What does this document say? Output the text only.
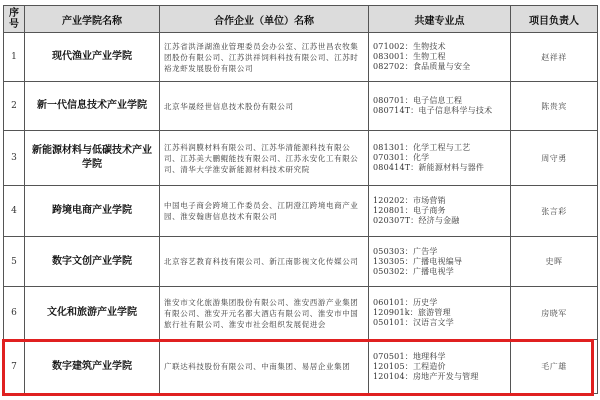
序号	产业学院名称	合作企业（单位）名称	共建专业点	项目负责人
1	现代渔业产业学院	江苏省洪泽湖渔业管理委员会办公室、江苏世昌农牧集团股份有限公司、江苏洪祥饲料科技有限公司、江苏时裕龙虾发展股份有限公司	071002：生物技术
083001：生物工程
082702：食品质量与安全	赵祥祥
2	新一代信息技术产业学院	北京华晟经世信息技术股份有限公司	080701：电子信息工程
080714T：电子信息科学与技术	陈贵宾
3	新能源材料与低碳技术产业学院	江苏科润膜材料有限公司、江苏华清能源科技有限公司、江苏美大鹏鲲能技有限公司、江苏永安化工有限公司、清华大学淮安新能源材料技术研究院	081301：化学工程与工艺
070301：化学
080414T：新能源材料与器件	周守勇
4	跨境电商产业学院	中国电子商会跨境工作委员会、江阴澄江跨境电商产业园、淮安翰唐信息技术有限公司	120202：市场营销
120801：电子商务
020307T：经济与金融	张言彩
5	数字文创产业学院	北京容艺教育科技有限公司、新江南影视文化传媒公司	050303：广告学
130305：广播电视编导
050302：广播电视学	史晖
6	文化和旅游产业学院	淮安市文化旅游集团股份有限公司、淮安西游产业集团有限公司、淮安开元名都大酒店有限公司、淮安市中国旅行社有限公司、淮安市社会组织发展促进会	060101：历史学
120901k：旅游管理
050101：汉语言文学	房晓军
7	数字建筑产业学院	广联达科技股份有限公司、中南集团、易居企业集团	070501：地理科学
120105：工程造价
120104：房地产开发与管理	毛广雄
